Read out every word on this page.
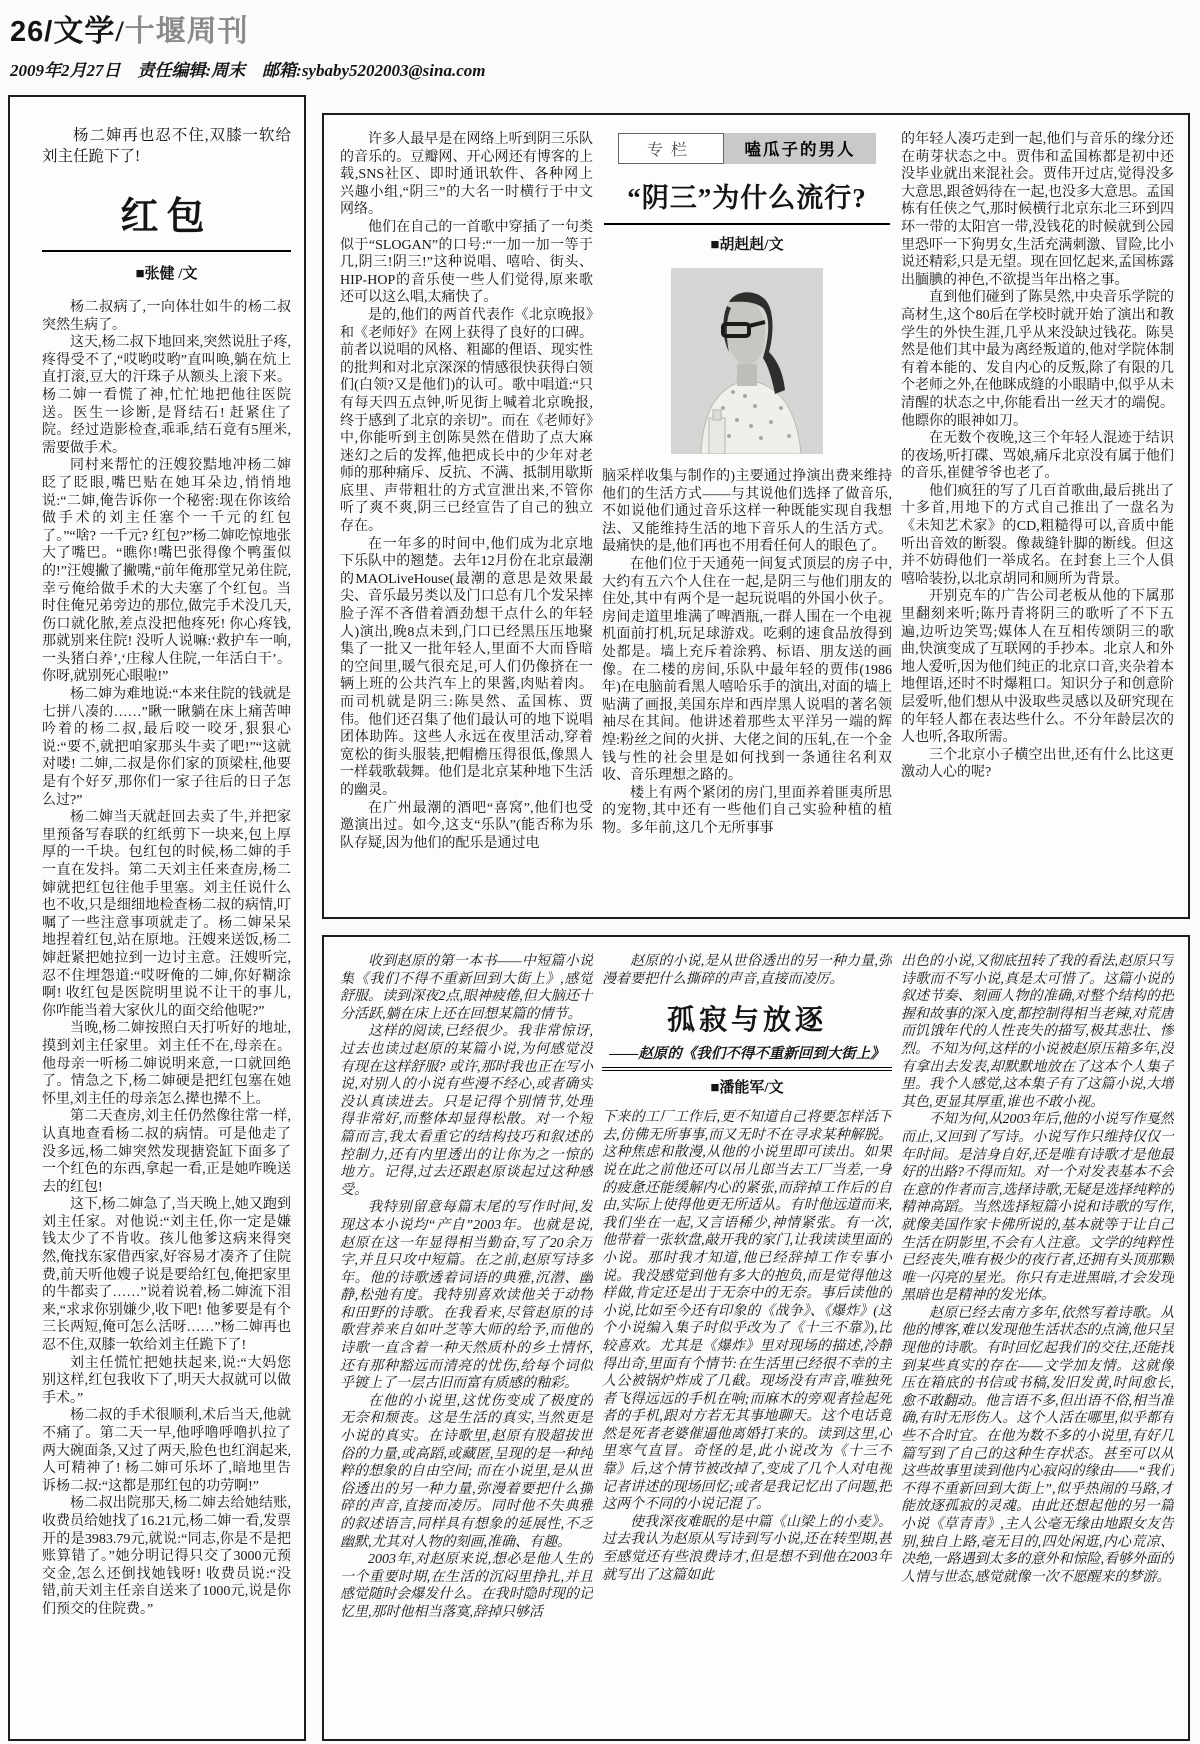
26/文学/十堰周刊
2009年2月27日　责任编辑:周末　邮箱:sybaby5202003@sina.com

杨二婶再也忍不住,双膝一软给刘主任跪下了!

红包
■张健 /文

杨二叔病了,一向体壮如牛的杨二叔突然生病了。

这天,杨二叔下地回来,突然说肚子疼,疼得受不了,“哎哟哎哟”直叫唤,躺在炕上直打滚,豆大的汗珠子从额头上滚下来。杨二婶一看慌了神,忙忙地把他往医院送。医生一诊断,是肾结石! 赶紧住了院。经过造影检查,乖乖,结石竟有5厘米,需要做手术。

同村来帮忙的汪嫂狡黠地冲杨二婶眨了眨眼,嘴巴贴在她耳朵边,悄悄地说:“二婶,俺告诉你一个秘密:现在你该给做手术的刘主任塞个一千元的红包了。”“啥? 一千元? 红包?”杨二婶吃惊地张大了嘴巴。“瞧你!嘴巴张得像个鸭蛋似的!”汪嫂撇了撇嘴,“前年俺那堂兄弟住院,幸亏俺给做手术的大夫塞了个红包。当时住俺兄弟旁边的那位,做完手术没几天,伤口就化脓,差点没把他疼死! 你心疼钱,那就别来住院! 没听人说嘛:‘救护车一响,一头猪白养’,‘庄稼人住院,一年活白干’。你呀,就别死心眼啦!”

杨二婶为难地说:“本来住院的钱就是七拼八凑的……”瞅一瞅躺在床上痛苦呻吟着的杨二叔,最后咬一咬牙,狠狠心说:“要不,就把咱家那头牛卖了吧!”“这就对喽! 二婶,二叔是你们家的顶梁柱,他要是有个好歹,那你们一家子往后的日子怎么过?”

杨二婶当天就赶回去卖了牛,并把家里预备写春联的红纸剪下一块来,包上厚厚的一千块。包红包的时候,杨二婶的手一直在发抖。第二天刘主任来查房,杨二婶就把红包往他手里塞。刘主任说什么也不收,只是细细地检查杨二叔的病情,叮嘱了一些注意事项就走了。杨二婶呆呆地捏着红包,站在原地。汪嫂来送饭,杨二婶赶紧把她拉到一边讨主意。汪嫂听完,忍不住埋怨道:“哎呀俺的二婶,你好糊涂啊! 收红包是医院明里说不让干的事儿,你咋能当着大家伙儿的面交给他呢?”

当晚,杨二婶按照白天打听好的地址,摸到刘主任家里。刘主任不在,母亲在。他母亲一听杨二婶说明来意,一口就回绝了。情急之下,杨二婶硬是把红包塞在她怀里,刘主任的母亲怎么撵也撵不上。

第二天查房,刘主任仍然像往常一样,认真地查看杨二叔的病情。可是他走了没多远,杨二婶突然发现搪瓷缸下面多了一个红色的东西,拿起一看,正是她咋晚送去的红包!

这下,杨二婶急了,当天晚上,她又跑到刘主任家。对他说:“刘主任,你一定是嫌钱太少了不肯收。孩儿他爹这病来得突然,俺找东家借西家,好容易才凑齐了住院费,前天听他嫂子说是要给红包,俺把家里的牛都卖了……”说着说着,杨二婶流下泪来,“求求你别嫌少,收下吧! 他爹要是有个三长两短,俺可怎么活呀……”杨二婶再也忍不住,双膝一软给刘主任跪下了!

刘主任慌忙把她扶起来,说:“大妈您别这样,红包我收下了,明天大叔就可以做手术。”

杨二叔的手术很顺利,术后当天,他就不痛了。第二天一早,他呼噜呼噜扒拉了两大碗面条,又过了两天,脸色也红润起来,人可精神了! 杨二婶可乐坏了,暗地里告诉杨二叔:“这都是那红包的功劳啊!”

杨二叔出院那天,杨二婶去给她结账,收费员给她找了16.21元,杨二婶一看,发票开的是3983.79元,就说:“同志,你是不是把账算错了。”她分明记得只交了3000元预交金,怎么还倒找她钱呀! 收费员说:“没错,前天刘主任亲自送来了1000元,说是你们预交的住院费。”

许多人最早是在网络上听到阴三乐队的音乐的。豆瓣网、开心网还有博客的上载,SNS社区、即时通讯软件、各种网上兴趣小组,“阴三”的大名一时横行于中文网络。

他们在自己的一首歌中穿插了一句类似于“SLOGAN”的口号:“一加一加一等于几,阴三!阴三!”这种说唱、嘻哈、街头、HIP-HOP的音乐使一些人们觉得,原来歌还可以这么唱,太痛快了。

是的,他们的两首代表作《北京晚报》和《老师好》在网上获得了良好的口碑。前者以说唱的风格、粗鄙的俚语、现实性的批判和对北京深深的情感很快获得白领们(白领?又是他们)的认可。歌中唱道:“只有每天四五点钟,听见街上喊着北京晚报,终于感到了北京的亲切”。而在《老师好》中,你能听到主创陈昊然在借助了点大麻迷幻之后的发挥,他把成长中的少年对老师的那种痛斥、反抗、不满、抵制用歇斯底里、声带粗壮的方式宣泄出来,不管你听了爽不爽,阴三已经宣告了自己的独立存在。

在一年多的时间中,他们成为北京地下乐队中的翘楚。去年12月份在北京最潮的MAOLiveHouse(最潮的意思是效果最尖、音乐最另类以及门口总有几个发呆摔脸子浑不吝借着酒劲想干点什么的年轻人)演出,晚8点未到,门口已经黑压压地聚集了一批又一批年轻人,里面不大而昏暗的空间里,暖气很充足,可人们仍像挤在一辆上班的公共汽车上的果酱,肉贴着肉。而司机就是阴三:陈昊然、孟国栋、贾伟。他们还召集了他们最认可的地下说唱团体助阵。这些人永远在夜里活动,穿着宽松的街头服装,把帽檐压得很低,像黑人一样载歌载舞。他们是北京某种地下生活的幽灵。

在广州最潮的酒吧“喜窝”,他们也受邀演出过。如今,这支“乐队”(能否称为乐队存疑,因为他们的配乐是通过电

专栏	嗑瓜子的男人
“阴三”为什么流行?
■胡赳赳/文

脑采样收集与制作的)主要通过挣演出费来维持他们的生活方式——与其说他们选择了做音乐,不如说他们通过音乐这样一种既能实现自我想法、又能维持生活的地下音乐人的生活方式。最痛快的是,他们再也不用看任何人的眼色了。

在他们位于天通苑一间复式顶层的房子中,大约有五六个人住在一起,是阴三与他们朋友的住处,其中有两个是一起玩说唱的外国小伙子。房间走道里堆满了啤酒瓶,一群人围在一个电视机面前打机,玩足球游戏。吃剩的速食品放得到处都是。墙上充斥着涂鸦、标语、朋友送的画像。在二楼的房间,乐队中最年轻的贾伟(1986年)在电脑前看黑人嘻哈乐手的演出,对面的墙上贴满了画报,美国东岸和西岸黑人说唱的著名领袖尽在其间。他讲述着那些太平洋另一端的辉煌:粉丝之间的火拼、大佬之间的压轧,在一个金钱与性的社会里是如何找到一条通往名利双收、音乐理想之路的。

楼上有两个紧闭的房门,里面养着匪夷所思的宠物,其中还有一些他们自己实验种植的植物。多年前,这几个无所事事

的年轻人凑巧走到一起,他们与音乐的缘分还在萌芽状态之中。贾伟和孟国栋都是初中还没毕业就出来混社会。贾伟开过店,觉得没多大意思,跟爸妈待在一起,也没多大意思。孟国栋有任侠之气,那时候横行北京东北三环到四环一带的太阳宫一带,没钱花的时候就到公园里恐吓一下狗男女,生活充满刺激、冒险,比小说还精彩,只是无望。现在回忆起来,孟国栋露出腼腆的神色,不欲提当年出格之事。

直到他们碰到了陈昊然,中央音乐学院的高材生,这个80后在学校时就开始了演出和教学生的外快生涯,几乎从来没缺过钱花。陈昊然是他们其中最为离经叛道的,他对学院体制有着本能的、发自内心的反叛,除了有限的几个老师之外,在他眯成缝的小眼睛中,似乎从未清醒的状态之中,你能看出一丝天才的端倪。他瞟你的眼神如刀。

在无数个夜晚,这三个年轻人混迹于结识的夜场,听打碟、骂娘,痛斥北京没有属于他们的音乐,崔健爷爷也老了。

他们疯狂的写了几百首歌曲,最后挑出了十多首,用地下的方式自己推出了一盘名为《未知艺术家》的CD,粗糙得可以,音质中能听出音效的断裂。像裁缝针脚的断线。但这并不妨碍他们一举成名。在封套上三个人俱嘻哈装扮,以北京胡同和厕所为背景。

开别克车的广告公司老板从他的下属那里翻刻来听;陈丹青将阴三的歌听了不下五遍,边听边笑骂;媒体人在互相传颂阴三的歌曲,快演变成了互联网的手抄本。北京人和外地人爱听,因为他们纯正的北京口音,夹杂着本地俚语,还时不时爆粗口。知识分子和创意阶层爱听,他们想从中汲取些灵感以及研究现在的年轻人都在表达些什么。不分年龄层次的人也听,各取所需。

三个北京小子横空出世,还有什么比这更激动人心的呢?

收到赵原的第一本书——中短篇小说集《我们不得不重新回到大街上》,感觉舒服。读到深夜2点,眼神疲倦,但大脑还十分活跃,躺在床上还在回想某篇的情节。

这样的阅读,已经很少。我非常惊讶,过去也读过赵原的某篇小说,为何感觉没有现在这样舒服? 或许,那时我也正在写小说,对别人的小说有些漫不经心,或者确实没认真读进去。只是记得个别情节,处理得非常好,而整体却显得松散。对一个短篇而言,我太看重它的结构技巧和叙述的控制力,还有内里透出的让你为之一惊的地方。记得,过去还跟赵原谈起过这种感受。

我特别留意每篇末尾的写作时间,发现这本小说均“产自”2003年。也就是说,赵原在这一年显得相当勤奋,写了20余万字,并且只攻中短篇。在之前,赵原写诗多年。他的诗歌透着词语的典雅,沉潜、幽静,松弛有度。我特别喜欢读他关于动物和田野的诗歌。在我看来,尽管赵原的诗歌营养来自如叶芝等大师的给予,而他的诗歌一直含着一种天然质朴的乡土情怀,还有那种豁远而清亮的忧伤,给每个词似乎镀上了一层古旧而富有质感的釉彩。

在他的小说里,这忧伤变成了极度的无奈和颓丧。这是生活的真实,当然更是小说的真实。在诗歌里,赵原有股超拔世俗的力量,或高蹈,或藏匿,呈现的是一种纯粹的想象的自由空间; 而在小说里,是从世俗透出的另一种力量,弥漫着要把什么撕碎的声音,直接而凌厉。同时他不失典雅的叙述语言,同样具有想象的延展性,不乏幽默,尤其对人物的刻画,准确、有趣。

2003年,对赵原来说,想必是他人生的一个重要时期,在生活的沉闷里挣扎,并且感觉随时会爆发什么。在我时隐时现的记忆里,那时他相当落寞,辞掉只够活

赵原的小说,是从世俗透出的另一种力量,弥漫着要把什么撕碎的声音,直接而凌厉。

孤寂与放逐
——赵原的《我们不得不重新回到大街上》
■潘能军/文

下来的工厂工作后,更不知道自己将要怎样活下去,仿佛无所事事,而又无时不在寻求某种解脱。这种焦虑和散漫,从他的小说里即可读出。如果说在此之前他还可以吊儿郎当去工厂当差,一身的疲惫还能缓解内心的紧张,而辞掉工作后的自由,实际上使得他更无所适从。有时他远道而来,我们坐在一起,又言语稀少,神情紧张。有一次,他带着一张软盘,敲开我的家门,让我读读里面的小说。那时我才知道,他已经辞掉工作专事小说。我没感觉到他有多大的抱负,而是觉得他这样做,肯定还是出于无奈中的无奈。事后读他的小说,比如至今还有印象的《战争》、《爆炸》(这个小说编入集子时似乎改为了《十三不靠》),比较喜欢。尤其是《爆炸》里对现场的描述,冷静得出奇,里面有个情节:在生活里已经很不幸的主人公被锅炉炸成了几截。现场没有声音,唯独死者飞得远远的手机在响;而麻木的旁观者捡起死者的手机,跟对方若无其事地聊天。这个电话竟然是死者老婆催逼他离婚打来的。读到这里,心里寒气直冒。奇怪的是,此小说改为《十三不靠》后,这个情节被改掉了,变成了几个人对电视记者讲述的现场回忆;或者是我记忆出了问题,把这两个不同的小说记混了。

使我深夜难眠的是中篇《山梁上的小麦》。过去我认为赵原从写诗到写小说,还在转型期,甚至感觉还有些浪费诗才,但是想不到他在2003年就写出了这篇如此

出色的小说,又彻底扭转了我的看法,赵原只写诗歌而不写小说,真是太可惜了。这篇小说的叙述节奏、刻画人物的准确,对整个结构的把握和故事的深入度,都控制得相当老辣,对荒唐而饥饿年代的人性丧失的描写,极其悲壮、惨烈。不知为何,这样的小说被赵原压箱多年,没有拿出去发表,却默默地放在了这本个人集子里。我个人感觉,这本集子有了这篇小说,大增其色,更显其厚重,谁也不敢小视。

不知为何,从2003年后,他的小说写作戛然而止,又回到了写诗。小说写作只维持仅仅一年时间。是洁身自好,还是唯有诗歌才是他最好的出路?不得而知。对一个对发表基本不会在意的作者而言,选择诗歌,无疑是选择纯粹的精神高蹈。当然选择短篇小说和诗歌的写作,就像美国作家卡佛所说的,基本就等于让自己生活在阴影里,不会有人注意。文学的纯粹性已经丧失,唯有极少的夜行者,还拥有头顶那颗唯一闪亮的星光。你只有走进黑暗,才会发现黑暗也是精神的发光体。

赵原已经去南方多年,依然写着诗歌。从他的博客,难以发现他生活状态的点滴,他只呈现他的诗歌。有时回忆起我们的交往,还能找到某些真实的存在——文学加友情。这就像压在箱底的书信或书稿,发旧发黄,时间愈长,愈不敢翻动。他言语不多,但出语不俗,相当准确,有时无形伤人。这个人活在哪里,似乎都有些不合时宜。在他为数不多的小说里,有好几篇写到了自己的这种生存状态。甚至可以从这些故事里读到他内心寂闷的缘由——“我们不得不重新回到大街上”,似乎热闹的马路,才能放逐孤寂的灵魂。由此还想起他的另一篇小说《草青青》,主人公毫无缘由地跟女友告别,独自上路,毫无目的,四处闲逛,内心荒凉、决绝,一路遇到太多的意外和惊险,看够外面的人情与世态,感觉就像一次不愿醒来的梦游。
